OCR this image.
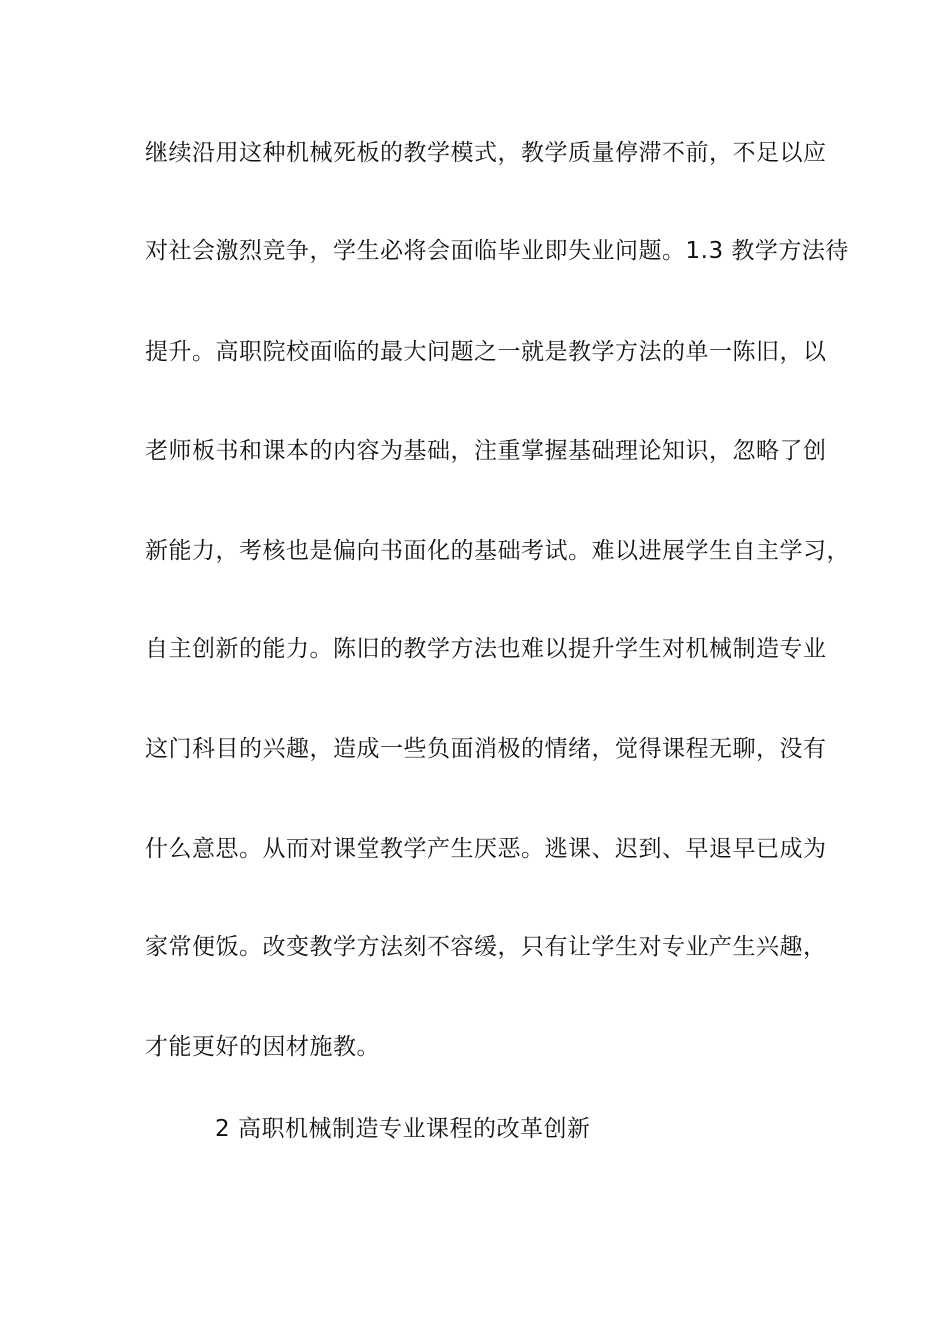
继续沿用这种机械死板的教学模式，教学质量停滞不前，不足以应
对社会激烈竞争，学生必将会面临毕业即失业问题。1.3 教学方法待
提升。高职院校面临的最大问题之一就是教学方法的单一陈旧，以
老师板书和课本的内容为基础，注重掌握基础理论知识，忽略了创
新能力，考核也是偏向书面化的基础考试。难以进展学生自主学习，
自主创新的能力。陈旧的教学方法也难以提升学生对机械制造专业
这门科目的兴趣，造成一些负面消极的情绪，觉得课程无聊，没有
什么意思。从而对课堂教学产生厌恶。逃课、迟到、早退早已成为
家常便饭。改变教学方法刻不容缓，只有让学生对专业产生兴趣，
才能更好的因材施教。
2 高职机械制造专业课程的改革创新
